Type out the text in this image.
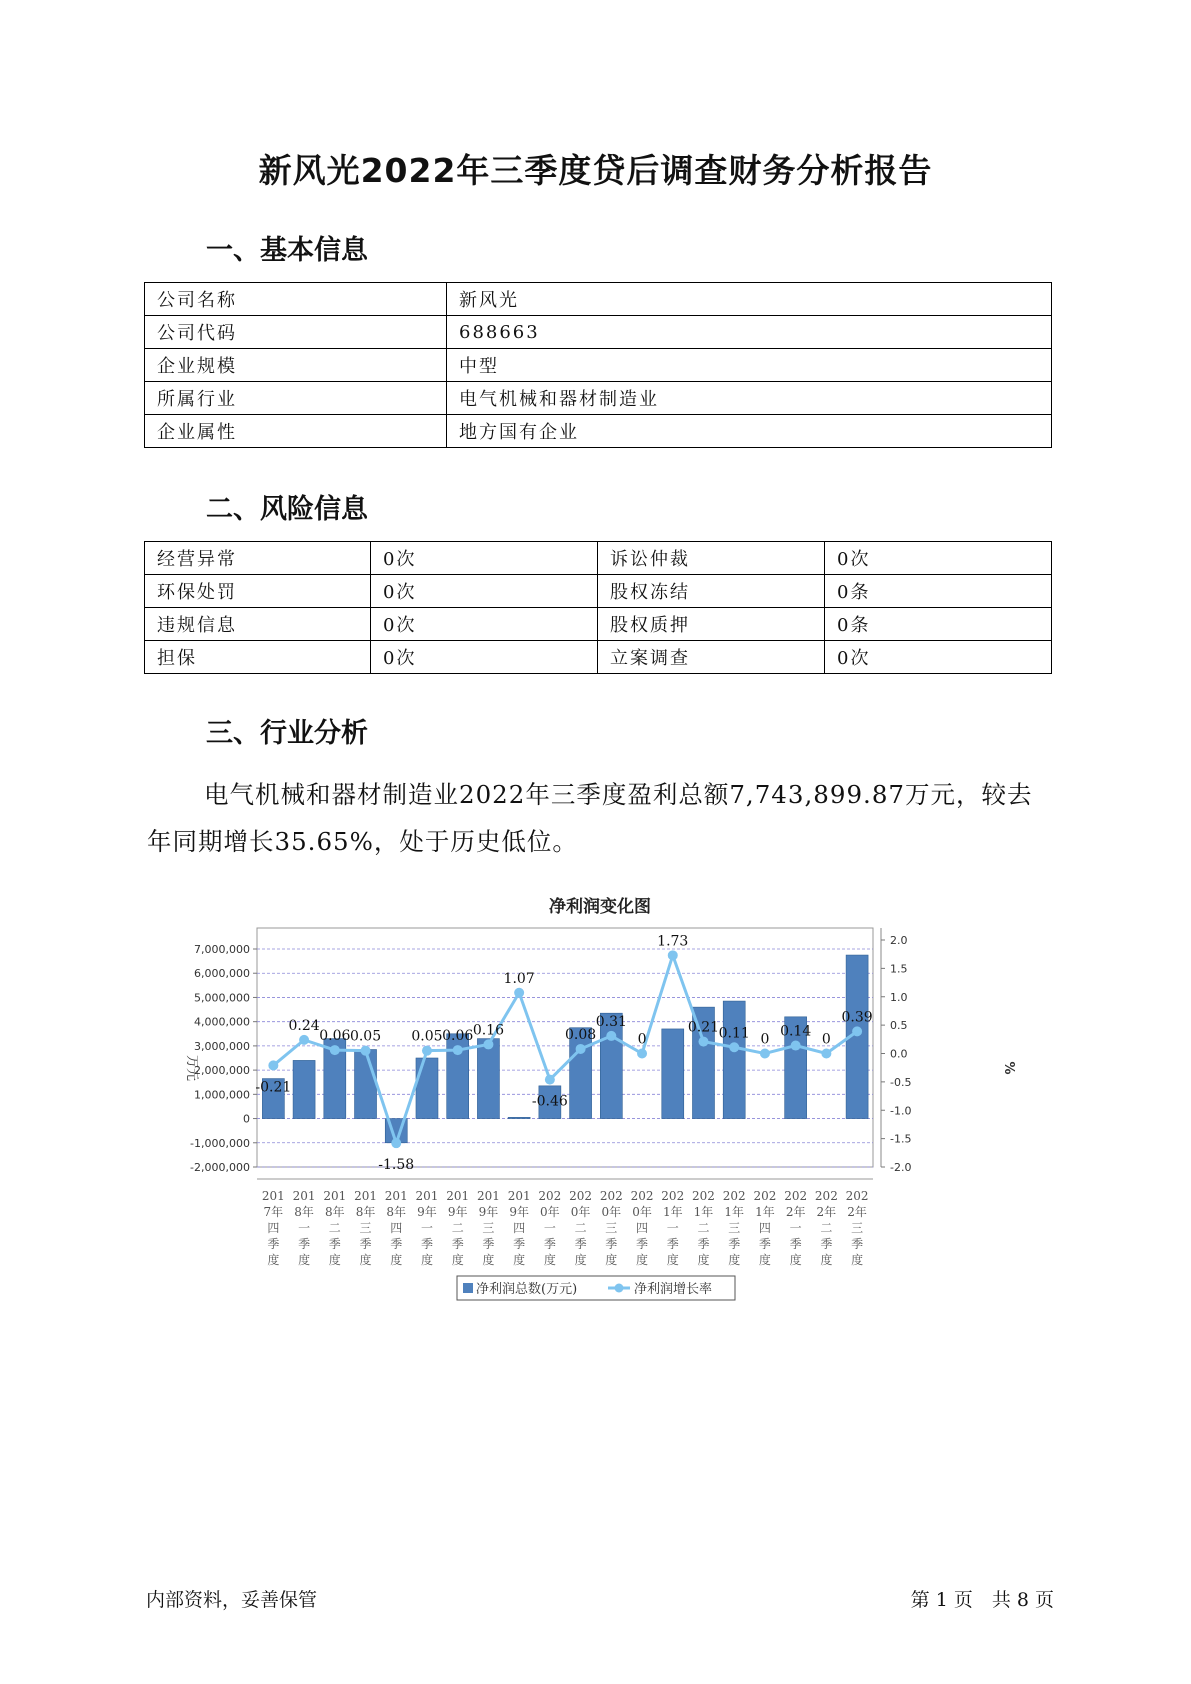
新风光2022年三季度贷后调查财务分析报告
一、基本信息
公司名称	新风光
公司代码	688663
企业规模	中型
所属行业	电气机械和器材制造业
企业属性	地方国有企业
二、风险信息
经营异常	0次	诉讼仲裁	0次
环保处罚	0次	股权冻结	0条
违规信息	0次	股权质押	0条
担保	0次	立案调查	0次
三、行业分析
电气机械和器材制造业2022年三季度盈利总额7,743,899.87万元，较去年同期增长35.65%，处于历史低位。
净利润变化图
7,000,000
6,000,000
5,000,000
4,000,000
3,000,000
2,000,000
1,000,000
0
-1,000,000
-2,000,000
2.0
1.5
1.0
0.5
0.0
-0.5
-1.0
-1.5
-2.0
万元	%
-0.21
0.24
0.06 0.05
-1.58
0.05 0.06 0.16
1.07
-0.46
0.08
0.31
0
1.73
0.21 0.11 0 0.14 0
0.39
201
7年
四
季
度
201
8年
一
季
度
201
8年
二
季
度
201
8年
三
季
度
201
8年
四
季
度
201
9年
一
季
度
201
9年
二
季
度
201
9年
三
季
度
201
9年
四
季
度
202
0年
一
季
度
202
0年
二
季
度
202
0年
三
季
度
202
0年
四
季
度
202
1年
一
季
度
202
1年
二
季
度
202
1年
三
季
度
202
1年
四
季
度
202
2年
一
季
度
202
2年
二
季
度
202
2年
三
季
度
净利润总数(万元)	净利润增长率
内部资料，妥善保管	第 1 页　共 8 页
